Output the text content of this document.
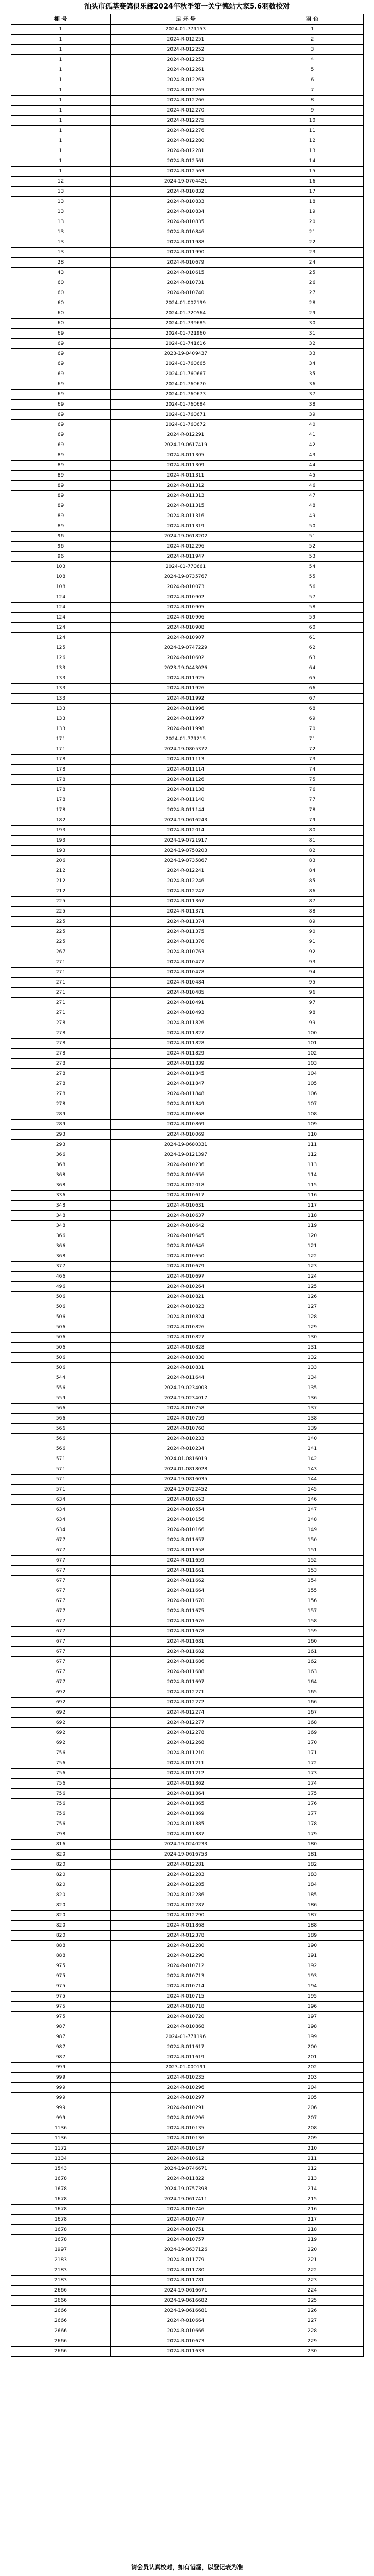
汕头市孤基赛鸽俱乐部2024年秋季第一关宁德站大家5.6羽数校对
棚 号	足 环 号	羽 色
1	2024-01-771153	1
1	2024-R-012251	2
1	2024-R-012252	3
1	2024-R-012253	4
1	2024-R-012261	5
1	2024-R-012263	6
1	2024-R-012265	7
1	2024-R-012266	8
1	2024-R-012270	9
1	2024-R-012275	10
1	2024-R-012276	11
1	2024-R-012280	12
1	2024-R-012281	13
1	2024-R-012561	14
1	2024-R-012563	15
12	2024-19-0704421	16
13	2024-R-010832	17
13	2024-R-010833	18
13	2024-R-010834	19
13	2024-R-010835	20
13	2024-R-010846	21
13	2024-R-011988	22
13	2024-R-011990	23
28	2024-R-010679	24
43	2024-R-010615	25
60	2024-R-010731	26
60	2024-R-010740	27
60	2024-01-002199	28
60	2024-01-720564	29
60	2024-01-739685	30
69	2024-01-721960	31
69	2024-01-741616	32
69	2023-19-0409437	33
69	2024-01-760665	34
69	2024-01-760667	35
69	2024-01-760670	36
69	2024-01-760673	37
69	2024-01-760684	38
69	2024-01-760671	39
69	2024-01-760672	40
69	2024-R-012291	41
69	2024-19-0617419	42
89	2024-R-011305	43
89	2024-R-011309	44
89	2024-R-011311	45
89	2024-R-011312	46
89	2024-R-011313	47
89	2024-R-011315	48
89	2024-R-011316	49
89	2024-R-011319	50
96	2024-19-0618202	51
96	2024-R-012296	52
96	2024-R-011947	53
103	2024-01-770661	54
108	2024-19-0735767	55
108	2024-R-010073	56
124	2024-R-010902	57
124	2024-R-010905	58
124	2024-R-010906	59
124	2024-R-010908	60
124	2024-R-010907	61
125	2024-19-0747229	62
126	2024-R-010602	63
133	2023-19-0443026	64
133	2024-R-011925	65
133	2024-R-011926	66
133	2024-R-011992	67
133	2024-R-011996	68
133	2024-R-011997	69
133	2024-R-011998	70
171	2024-01-771215	71
171	2024-19-0805372	72
178	2024-R-011113	73
178	2024-R-011114	74
178	2024-R-011126	75
178	2024-R-011138	76
178	2024-R-011140	77
178	2024-R-011144	78
182	2024-19-0616243	79
193	2024-R-012014	80
193	2024-19-0721917	81
193	2024-19-0750203	82
206	2024-19-0735867	83
212	2024-R-012241	84
212	2024-R-012246	85
212	2024-R-012247	86
225	2024-R-011367	87
225	2024-R-011371	88
225	2024-R-011374	89
225	2024-R-011375	90
225	2024-R-011376	91
267	2024-R-010763	92
271	2024-R-010477	93
271	2024-R-010478	94
271	2024-R-010484	95
271	2024-R-010485	96
271	2024-R-010491	97
271	2024-R-010493	98
278	2024-R-011826	99
278	2024-R-011827	100
278	2024-R-011828	101
278	2024-R-011829	102
278	2024-R-011839	103
278	2024-R-011845	104
278	2024-R-011847	105
278	2024-R-011848	106
278	2024-R-011849	107
289	2024-R-010868	108
289	2024-R-010869	109
293	2024-R-010069	110
293	2024-19-0680331	111
366	2024-19-0121397	112
368	2024-R-010236	113
368	2024-R-010656	114
368	2024-R-012018	115
336	2024-R-010617	116
348	2024-R-010631	117
348	2024-R-010637	118
348	2024-R-010642	119
366	2024-R-010645	120
366	2024-R-010646	121
368	2024-R-010650	122
377	2024-R-010679	123
466	2024-R-010697	124
496	2024-R-010264	125
506	2024-R-010821	126
506	2024-R-010823	127
506	2024-R-010824	128
506	2024-R-010826	129
506	2024-R-010827	130
506	2024-R-010828	131
506	2024-R-010830	132
506	2024-R-010831	133
544	2024-R-011644	134
556	2024-19-0234003	135
559	2024-19-0234017	136
566	2024-R-010758	137
566	2024-R-010759	138
566	2024-R-010760	139
566	2024-R-010233	140
566	2024-R-010234	141
571	2024-01-0816019	142
571	2024-01-0818028	143
571	2024-19-0816035	144
571	2024-19-0722452	145
634	2024-R-010553	146
634	2024-R-010554	147
634	2024-R-010156	148
634	2024-R-010166	149
677	2024-R-011657	150
677	2024-R-011658	151
677	2024-R-011659	152
677	2024-R-011661	153
677	2024-R-011662	154
677	2024-R-011664	155
677	2024-R-011670	156
677	2024-R-011675	157
677	2024-R-011676	158
677	2024-R-011678	159
677	2024-R-011681	160
677	2024-R-011682	161
677	2024-R-011686	162
677	2024-R-011688	163
677	2024-R-011697	164
692	2024-R-012271	165
692	2024-R-012272	166
692	2024-R-012274	167
692	2024-R-012277	168
692	2024-R-012278	169
692	2024-R-012268	170
756	2024-R-011210	171
756	2024-R-011211	172
756	2024-R-011212	173
756	2024-R-011862	174
756	2024-R-011864	175
756	2024-R-011865	176
756	2024-R-011869	177
756	2024-R-011885	178
798	2024-R-011887	179
816	2024-19-0240233	180
820	2024-19-0616753	181
820	2024-R-012281	182
820	2024-R-012283	183
820	2024-R-012285	184
820	2024-R-012286	185
820	2024-R-012287	186
820	2024-R-012290	187
820	2024-R-011868	188
820	2024-R-012378	189
888	2024-R-012280	190
888	2024-R-012290	191
975	2024-R-010712	192
975	2024-R-010713	193
975	2024-R-010714	194
975	2024-R-010715	195
975	2024-R-010718	196
975	2024-R-010720	197
987	2024-R-010868	198
987	2024-01-771196	199
987	2024-R-011617	200
987	2024-R-011619	201
999	2023-01-000191	202
999	2024-R-010235	203
999	2024-R-010296	204
999	2024-R-010297	205
999	2024-R-010291	206
999	2024-R-010296	207
1136	2024-R-010135	208
1136	2024-R-010136	209
1172	2024-R-010137	210
1334	2024-R-010612	211
1543	2024-19-0746671	212
1678	2024-R-011822	213
1678	2024-19-0757398	214
1678	2024-19-0617411	215
1678	2024-R-010746	216
1678	2024-R-010747	217
1678	2024-R-010751	218
1678	2024-R-010757	219
1997	2024-19-0637126	220
2183	2024-R-011779	221
2183	2024-R-011780	222
2183	2024-R-011781	223
2666	2024-19-0616671	224
2666	2024-19-0616682	225
2666	2024-19-0616681	226
2666	2024-R-010664	227
2666	2024-R-010666	228
2666	2024-R-010673	229
2666	2024-R-011633	230
请会员认真校对，如有错漏，以登记表为准
